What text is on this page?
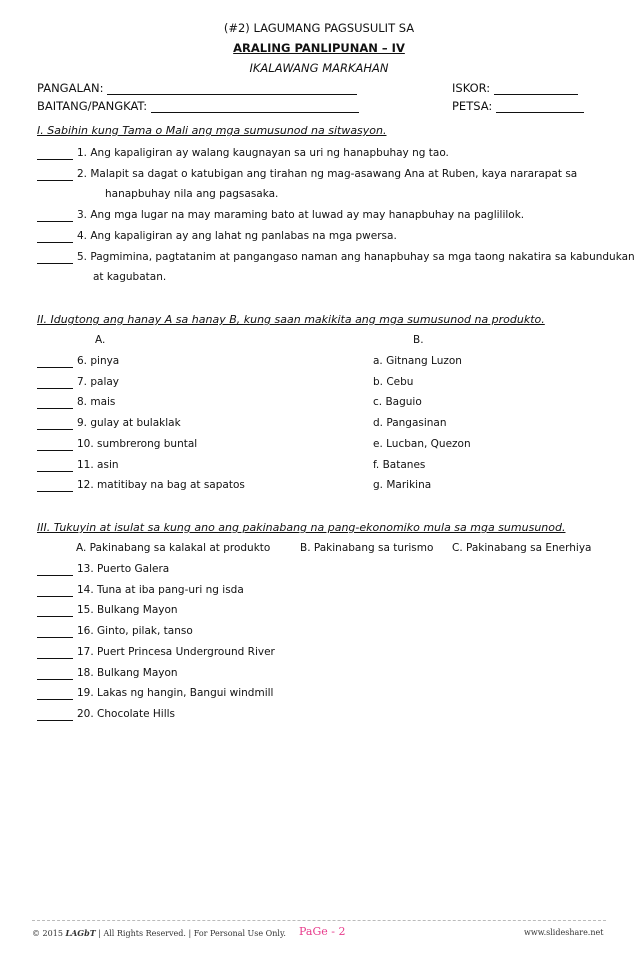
(#2) LAGUMANG PAGSUSULIT SA
ARALING PANLIPUNAN – IV
IKALAWANG MARKAHAN
PANGALAN:	ISKOR:
BAITANG/PANGKAT:	PETSA:
I. Sabihin kung Tama o Mali ang mga sumusunod na sitwasyon.
1. Ang kapaligiran ay walang kaugnayan sa uri ng hanapbuhay ng tao.
2. Malapit sa dagat o katubigan ang tirahan ng mag-asawang Ana at Ruben, kaya nararapat sa
hanapbuhay nila ang pagsasaka.
3. Ang mga lugar na may maraming bato at luwad ay may hanapbuhay na paglililok.
4. Ang kapaligiran ay ang lahat ng panlabas na mga pwersa.
5. Pagmimina, pagtatanim at pangangaso naman ang hanapbuhay sa mga taong nakatira sa kabundukan
at kagubatan.
II. Idugtong ang hanay A sa hanay B, kung saan makikita ang mga sumusunod na produkto.
A.	B.
6. pinya	a. Gitnang Luzon
7. palay	b. Cebu
8. mais	c. Baguio
9. gulay at bulaklak	d. Pangasinan
10. sumbrerong buntal	e. Lucban, Quezon
11. asin	f. Batanes
12. matitibay na bag at sapatos	g. Marikina
III. Tukuyin at isulat sa kung ano ang pakinabang na pang-ekonomiko mula sa mga sumusunod.
A. Pakinabang sa kalakal at produkto	B. Pakinabang sa turismo C. Pakinabang sa Enerhiya
13. Puerto Galera
14. Tuna at iba pang-uri ng isda
15. Bulkang Mayon
16. Ginto, pilak, tanso
17. Puert Princesa Underground River
18. Bulkang Mayon
19. Lakas ng hangin, Bangui windmill
20. Chocolate Hills
© 2015 LAGbT | All Rights Reserved. | For Personal Use Only. PaGe - 2	www.slideshare.net
